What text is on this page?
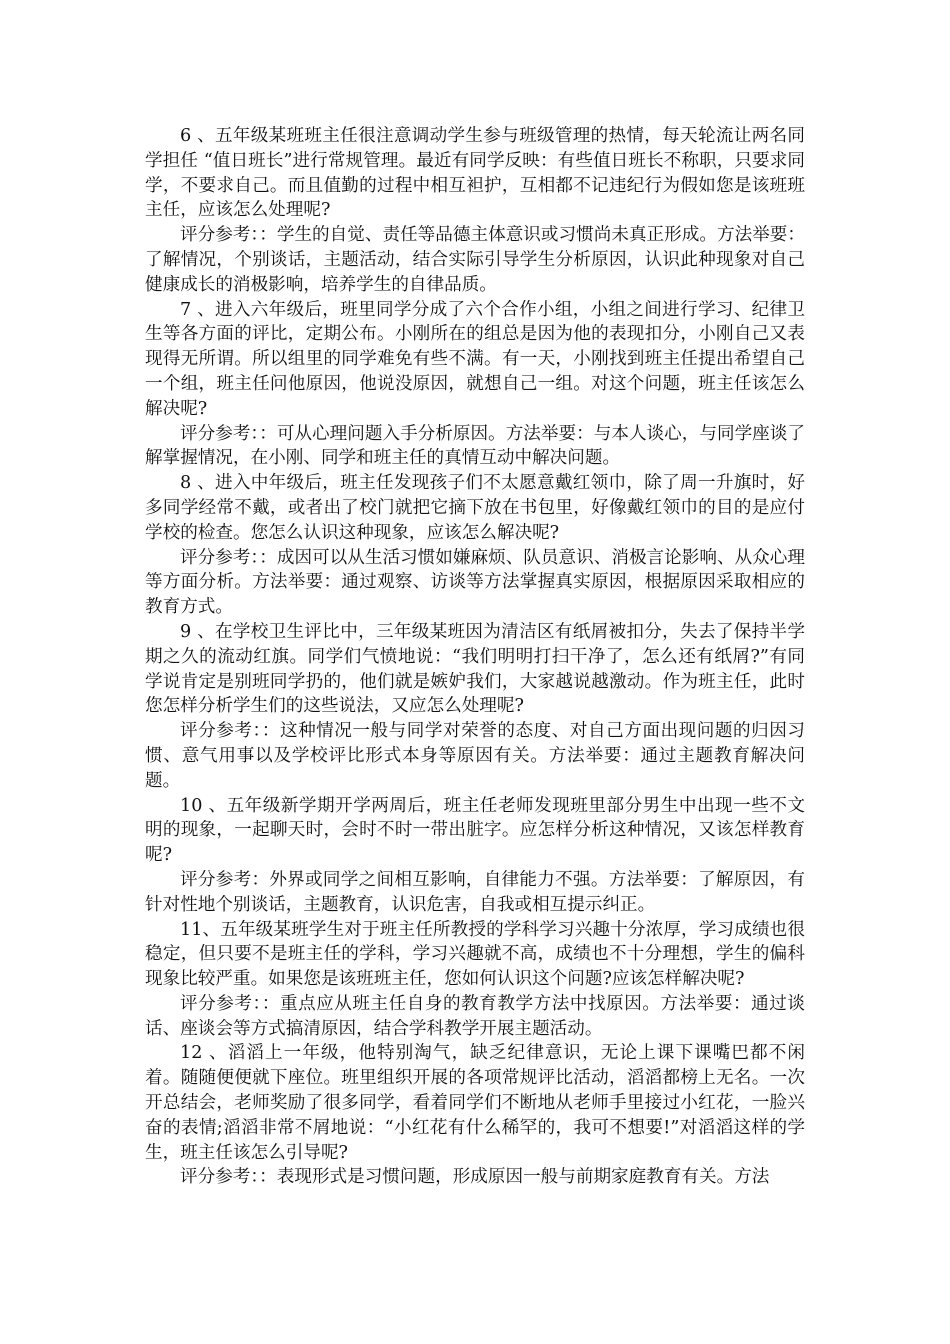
6 、五年级某班班主任很注意调动学生参与班级管理的热情，每天轮流让两名同学担任 “值日班长”进行常规管理。最近有同学反映：有些值日班长不称职，只要求同学，不要求自己。而且值勤的过程中相互袒护，互相都不记违纪行为假如您是该班班主任，应该怎么处理呢?

评分参考：：学生的自觉、责任等品德主体意识或习惯尚未真正形成。方法举要：了解情况，个别谈话，主题活动，结合实际引导学生分析原因，认识此种现象对自己健康成长的消极影响，培养学生的自律品质。

7 、进入六年级后，班里同学分成了六个合作小组，小组之间进行学习、纪律卫生等各方面的评比，定期公布。小刚所在的组总是因为他的表现扣分，小刚自己又表现得无所谓。所以组里的同学难免有些不满。有一天，小刚找到班主任提出希望自己一个组，班主任问他原因，他说没原因，就想自己一组。对这个问题，班主任该怎么解决呢?

评分参考：：可从心理问题入手分析原因。方法举要：与本人谈心，与同学座谈了解掌握情况，在小刚、同学和班主任的真情互动中解决问题。

8 、进入中年级后，班主任发现孩子们不太愿意戴红领巾，除了周一升旗时，好多同学经常不戴，或者出了校门就把它摘下放在书包里，好像戴红领巾的目的是应付学校的检查。您怎么认识这种现象，应该怎么解决呢?

评分参考：：成因可以从生活习惯如嫌麻烦、队员意识、消极言论影响、从众心理等方面分析。方法举要：通过观察、访谈等方法掌握真实原因，根据原因采取相应的教育方式。

9 、在学校卫生评比中，三年级某班因为清洁区有纸屑被扣分，失去了保持半学期之久的流动红旗。同学们气愤地说：“我们明明打扫干净了，怎么还有纸屑?”有同学说肯定是别班同学扔的，他们就是嫉妒我们，大家越说越激动。作为班主任，此时您怎样分析学生们的这些说法，又应怎么处理呢?

评分参考：：这种情况一般与同学对荣誉的态度、对自己方面出现问题的归因习惯、意气用事以及学校评比形式本身等原因有关。方法举要：通过主题教育解决问题。

10 、五年级新学期开学两周后，班主任老师发现班里部分男生中出现一些不文明的现象，一起聊天时，会时不时一带出脏字。应怎样分析这种情况，又该怎样教育呢?

评分参考：外界或同学之间相互影响，自律能力不强。方法举要：了解原因，有针对性地个别谈话，主题教育，认识危害，自我或相互提示纠正。

11、五年级某班学生对于班主任所教授的学科学习兴趣十分浓厚，学习成绩也很稳定，但只要不是班主任的学科，学习兴趣就不高，成绩也不十分理想，学生的偏科现象比较严重。如果您是该班班主任，您如何认识这个问题?应该怎样解决呢?

评分参考：：重点应从班主任自身的教育教学方法中找原因。方法举要：通过谈话、座谈会等方式搞清原因，结合学科教学开展主题活动。

12 、滔滔上一年级，他特别淘气，缺乏纪律意识，无论上课下课嘴巴都不闲着。随随便便就下座位。班里组织开展的各项常规评比活动，滔滔都榜上无名。一次开总结会，老师奖励了很多同学，看着同学们不断地从老师手里接过小红花，一脸兴奋的表情;滔滔非常不屑地说：“小红花有什么稀罕的，我可不想要!”对滔滔这样的学生，班主任该怎么引导呢?

评分参考：：表现形式是习惯问题，形成原因一般与前期家庭教育有关。方法
